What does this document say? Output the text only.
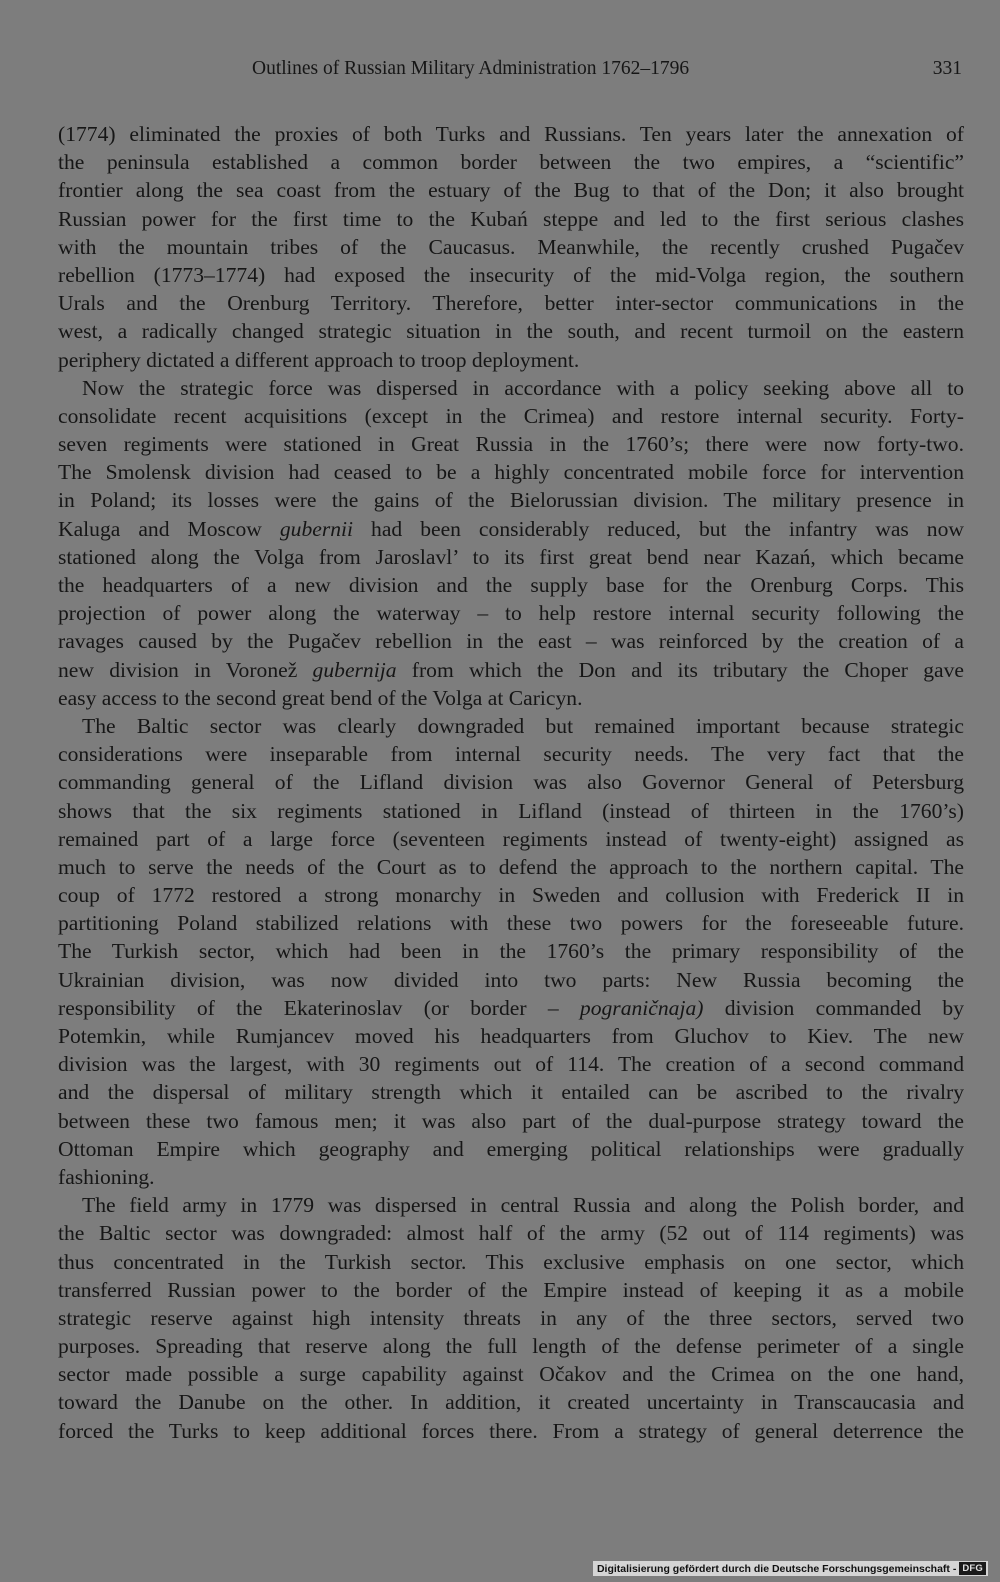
Outlines of Russian Military Administration 1762–1796	331
(1774) eliminated the proxies of both Turks and Russians. Ten years later the annexation of
the peninsula established a common border between the two empires, a “scientific”
frontier along the sea coast from the estuary of the Bug to that of the Don; it also brought
Russian power for the first time to the Kubań steppe and led to the first serious clashes
with the mountain tribes of the Caucasus. Meanwhile, the recently crushed Pugačev
rebellion (1773–1774) had exposed the insecurity of the mid-Volga region, the southern
Urals and the Orenburg Territory. Therefore, better inter-sector communications in the
west, a radically changed strategic situation in the south, and recent turmoil on the eastern
periphery dictated a different approach to troop deployment.
Now the strategic force was dispersed in accordance with a policy seeking above all to
consolidate recent acquisitions (except in the Crimea) and restore internal security. Forty-
seven regiments were stationed in Great Russia in the 1760’s; there were now forty-two.
The Smolensk division had ceased to be a highly concentrated mobile force for intervention
in Poland; its losses were the gains of the Bielorussian division. The military presence in
Kaluga and Moscow gubernii had been considerably reduced, but the infantry was now
stationed along the Volga from Jaroslavl’ to its first great bend near Kazań, which became
the headquarters of a new division and the supply base for the Orenburg Corps. This
projection of power along the waterway – to help restore internal security following the
ravages caused by the Pugačev rebellion in the east – was reinforced by the creation of a
new division in Voronež gubernija from which the Don and its tributary the Choper gave
easy access to the second great bend of the Volga at Caricyn.
The Baltic sector was clearly downgraded but remained important because strategic
considerations were inseparable from internal security needs. The very fact that the
commanding general of the Lifland division was also Governor General of Petersburg
shows that the six regiments stationed in Lifland (instead of thirteen in the 1760’s)
remained part of a large force (seventeen regiments instead of twenty-eight) assigned as
much to serve the needs of the Court as to defend the approach to the northern capital. The
coup of 1772 restored a strong monarchy in Sweden and collusion with Frederick II in
partitioning Poland stabilized relations with these two powers for the foreseeable future.
The Turkish sector, which had been in the 1760’s the primary responsibility of the
Ukrainian division, was now divided into two parts: New Russia becoming the
responsibility of the Ekaterinoslav (or border – pograničnaja) division commanded by
Potemkin, while Rumjancev moved his headquarters from Gluchov to Kiev. The new
division was the largest, with 30 regiments out of 114. The creation of a second command
and the dispersal of military strength which it entailed can be ascribed to the rivalry
between these two famous men; it was also part of the dual-purpose strategy toward the
Ottoman Empire which geography and emerging political relationships were gradually
fashioning.
The field army in 1779 was dispersed in central Russia and along the Polish border, and
the Baltic sector was downgraded: almost half of the army (52 out of 114 regiments) was
thus concentrated in the Turkish sector. This exclusive emphasis on one sector, which
transferred Russian power to the border of the Empire instead of keeping it as a mobile
strategic reserve against high intensity threats in any of the three sectors, served two
purposes. Spreading that reserve along the full length of the defense perimeter of a single
sector made possible a surge capability against Očakov and the Crimea on the one hand,
toward the Danube on the other. In addition, it created uncertainty in Transcaucasia and
forced the Turks to keep additional forces there. From a strategy of general deterrence the
Digitalisierung gefördert durch die Deutsche Forschungsgemeinschaft - DFG
